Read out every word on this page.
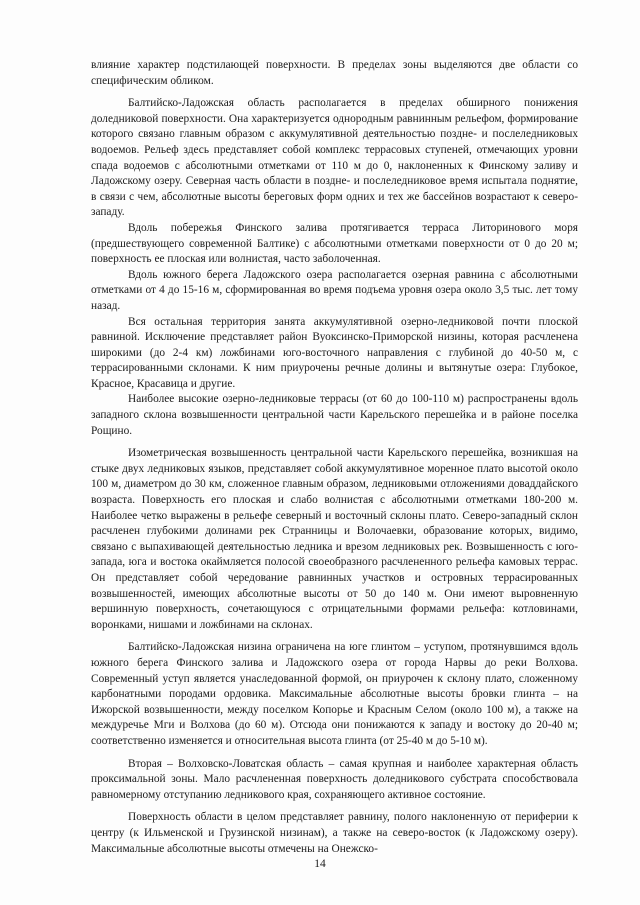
влияние характер подстилающей поверхности. В пределах зоны выделяются две области со специфическим обликом.

Балтийско-Ладожская область располагается в пределах обширного понижения доледниковой поверхности. Она характеризуется однородным равнинным рельефом, формирование которого связано главным образом с аккумулятивной деятельностью поздне- и послеледниковых водоемов. Рельеф здесь представляет собой комплекс террасовых ступеней, отмечающих уровни спада водоемов с абсолютными отметками от 110 м до 0, наклоненных к Финскому заливу и Ладожскому озеру. Северная часть области в поздне- и послеледниковое время испытала поднятие, в связи с чем, абсолютные высоты береговых форм одних и тех же бассейнов возрастают к северо-западу.

Вдоль побережья Финского залива протягивается терраса Литоринового моря (предшествующего современной Балтике) с абсолютными отметками поверхности от 0 до 20 м; поверхность ее плоская или волнистая, часто заболоченная.

Вдоль южного берега Ладожского озера располагается озерная равнина с абсолютными отметками от 4 до 15-16 м, сформированная во время подъема уровня озера около 3,5 тыс. лет тому назад.

Вся остальная территория занята аккумулятивной озерно-ледниковой почти плоской равниной. Исключение представляет район Вуоксинско-Приморской низины, которая расчленена широкими (до 2-4 км) ложбинами юго-восточного направления с глубиной до 40-50 м, с террасированными склонами. К ним приурочены речные долины и вытянутые озера: Глубокое, Красное, Красавица и другие.

Наиболее высокие озерно-ледниковые террасы (от 60 до 100-110 м) распространены вдоль западного склона возвышенности центральной части Карельского перешейка и в районе поселка Рощино.

Изометрическая возвышенность центральной части Карельского перешейка, возникшая на стыке двух ледниковых языков, представляет собой аккумулятивное моренное плато высотой около 100 м, диаметром до 30 км, сложенное главным образом, ледниковыми отложениями доваддайского возраста. Поверхность его плоская и слабо волнистая с абсолютными отметками 180-200 м. Наиболее четко выражены в рельефе северный и восточный склоны плато. Северо-западный склон расчленен глубокими долинами рек Странницы и Волочаевки, образование которых, видимо, связано с выпахивающей деятельностью ледника и врезом ледниковых рек. Возвышенность с юго-запада, юга и востока окаймляется полосой своеобразного расчлененного рельефа камовых террас. Он представляет собой чередование равнинных участков и островных террасированных возвышенностей, имеющих абсолютные высоты от 50 до 140 м. Они имеют выровненную вершинную поверхность, сочетающуюся с отрицательными формами рельефа: котловинами, воронками, нишами и ложбинами на склонах.

Балтийско-Ладожская низина ограничена на юге глинтом – уступом, протянувшимся вдоль южного берега Финского залива и Ладожского озера от города Нарвы до реки Волхова. Современный уступ является унаследованной формой, он приурочен к склону плато, сложенному карбонатными породами ордовика. Максимальные абсолютные высоты бровки глинта – на Ижорской возвышенности, между поселком Копорье и Красным Селом (около 100 м), а также на междуречье Мги и Волхова (до 60 м). Отсюда они понижаются к западу и востоку до 20-40 м; соответственно изменяется и относительная высота глинта (от 25-40 м до 5-10 м).

Вторая – Волховско-Ловатская область – самая крупная и наиболее характерная область проксимальной зоны. Мало расчлененная поверхность доледникового субстрата способствовала равномерному отступанию ледникового края, сохраняющего активное состояние.

Поверхность области в целом представляет равнину, полого наклоненную от периферии к центру (к Ильменской и Грузинской низинам), а также на северо-восток (к Ладожскому озеру). Максимальные абсолютные высоты отмечены на Онежско-

14
